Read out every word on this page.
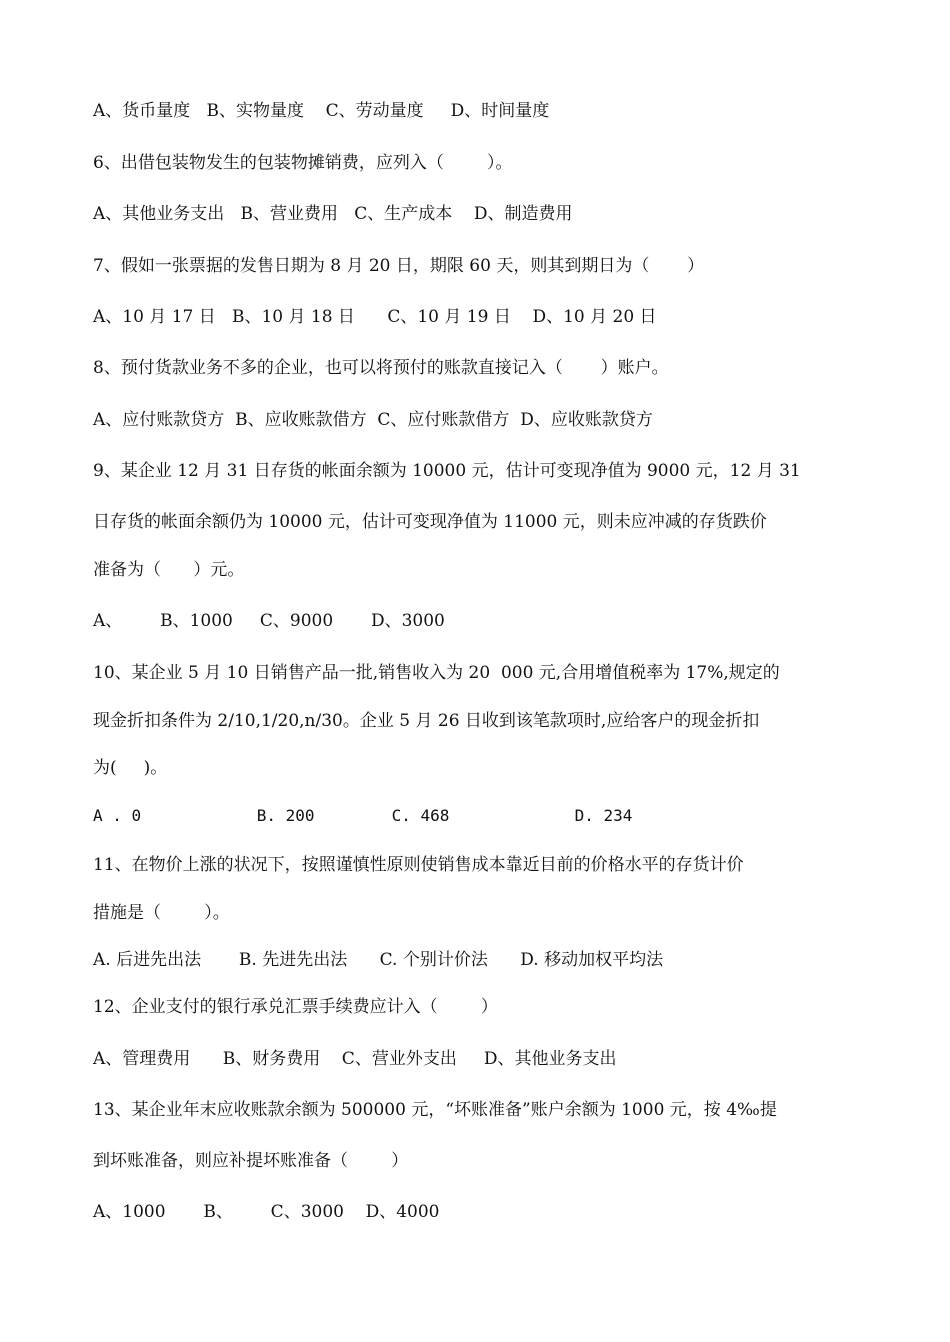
A、货币量度   B、实物量度    C、劳动量度     D、时间量度
6、出借包装物发生的包装物摊销费，应列入（        ）。
A、其他业务支出   B、营业费用   C、生产成本    D、制造费用
7、假如一张票据的发售日期为 8 月 20 日，期限 60 天，则其到期日为（       ）
A、10 月 17 日   B、10 月 18 日      C、10 月 19 日    D、10 月 20 日
8、预付货款业务不多的企业，也可以将预付的账款直接记入（       ）账户。
A、应付账款贷方  B、应收账款借方  C、应付账款借方  D、应收账款贷方
9、某企业 12 月 31 日存货的帐面余额为 10000 元，估计可变现净值为 9000 元，12 月 31
日存货的帐面余额仍为 10000 元，估计可变现净值为 11000 元，则未应冲减的存货跌价
准备为（      ）元。
A、       B、1000     C、9000       D、3000
10、某企业 5 月 10 日销售产品一批,销售收入为 20  000 元,合用增值税率为 17%,规定的
现金折扣条件为 2/10,1/20,n/30。企业 5 月 26 日收到该笔款项时,应给客户的现金折扣
为(     )。
A . 0            B. 200        C. 468             D. 234
11、在物价上涨的状况下，按照谨慎性原则使销售成本靠近目前的价格水平的存货计价
措施是（        ）。
A. 后进先出法       B. 先进先出法      C. 个别计价法      D. 移动加权平均法
12、企业支付的银行承兑汇票手续费应计入（        ）
A、管理费用      B、财务费用    C、营业外支出     D、其他业务支出
13、某企业年末应收账款余额为 500000 元，“坏账准备”账户余额为 1000 元，按 4‰提
到坏账准备，则应补提坏账准备（        ）
A、1000       B、       C、3000    D、4000
